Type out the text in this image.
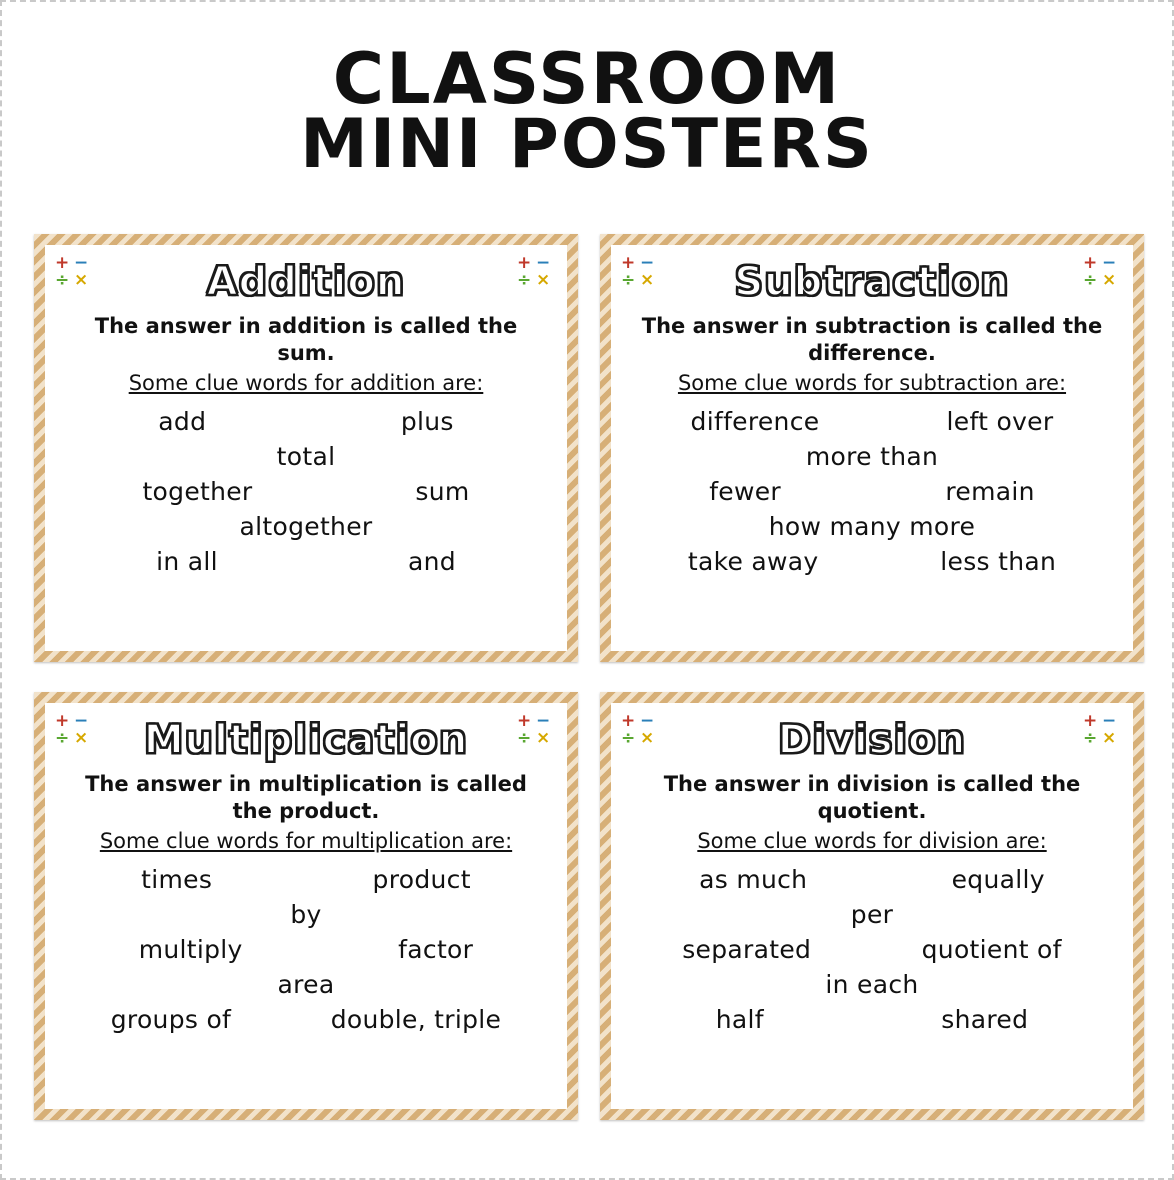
CLASSROOM
MINI POSTERS
+ −
÷ ×
+ −
÷ ×
Addition
The answer in addition is called the sum.
Some clue words for addition are:
add	plus
total
together	sum
altogether
in all	and
+ −
÷ ×
+ −
÷ ×
Subtraction
The answer in subtraction is called the difference.
Some clue words for subtraction are:
difference	left over
more than
fewer	remain
how many more
take away	less than
+ −
÷ ×
+ −
÷ ×
Multiplication
The answer in multiplication is called the product.
Some clue words for multiplication are:
times	product
by
multiply	factor
area
groups of	double, triple
+ −
÷ ×
+ −
÷ ×
Division
The answer in division is called the quotient.
Some clue words for division are:
as much	equally
per
separated	quotient of
in each
half	shared
